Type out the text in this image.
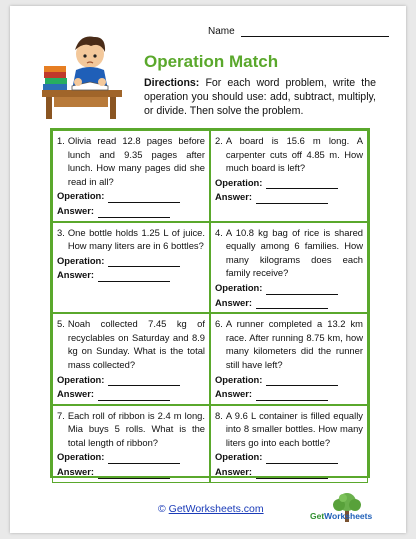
Name
Operation Match
Directions: For each word problem, write the operation you should use: add, subtract, multiply, or divide. Then solve the problem.

1. Olivia read 12.8 pages before lunch and 9.35 pages after lunch. How many pages did she read in all?

Operation:
Answer:

2. A board is 15.6 m long. A carpenter cuts off 4.85 m. How much board is left?

Operation:
Answer:

3. One bottle holds 1.25 L of juice. How many liters are in 6 bottles?

Operation:
Answer:

4. A 10.8 kg bag of rice is shared equally among 6 families. How many kilograms does each family receive?

Operation:
Answer:

5. Noah collected 7.45 kg of recyclables on Saturday and 8.9 kg on Sunday. What is the total mass collected?

Operation:
Answer:

6. A runner completed a 13.2 km race. After running 8.75 km, how many kilometers did the runner still have left?

Operation:
Answer:

7. Each roll of ribbon is 2.4 m long. Mia buys 5 rolls. What is the total length of ribbon?

Operation:
Answer:

8. A 9.6 L container is filled equally into 8 smaller bottles. How many liters go into each bottle?

Operation:
Answer:
© GetWorksheets.com
GetWorksheets
